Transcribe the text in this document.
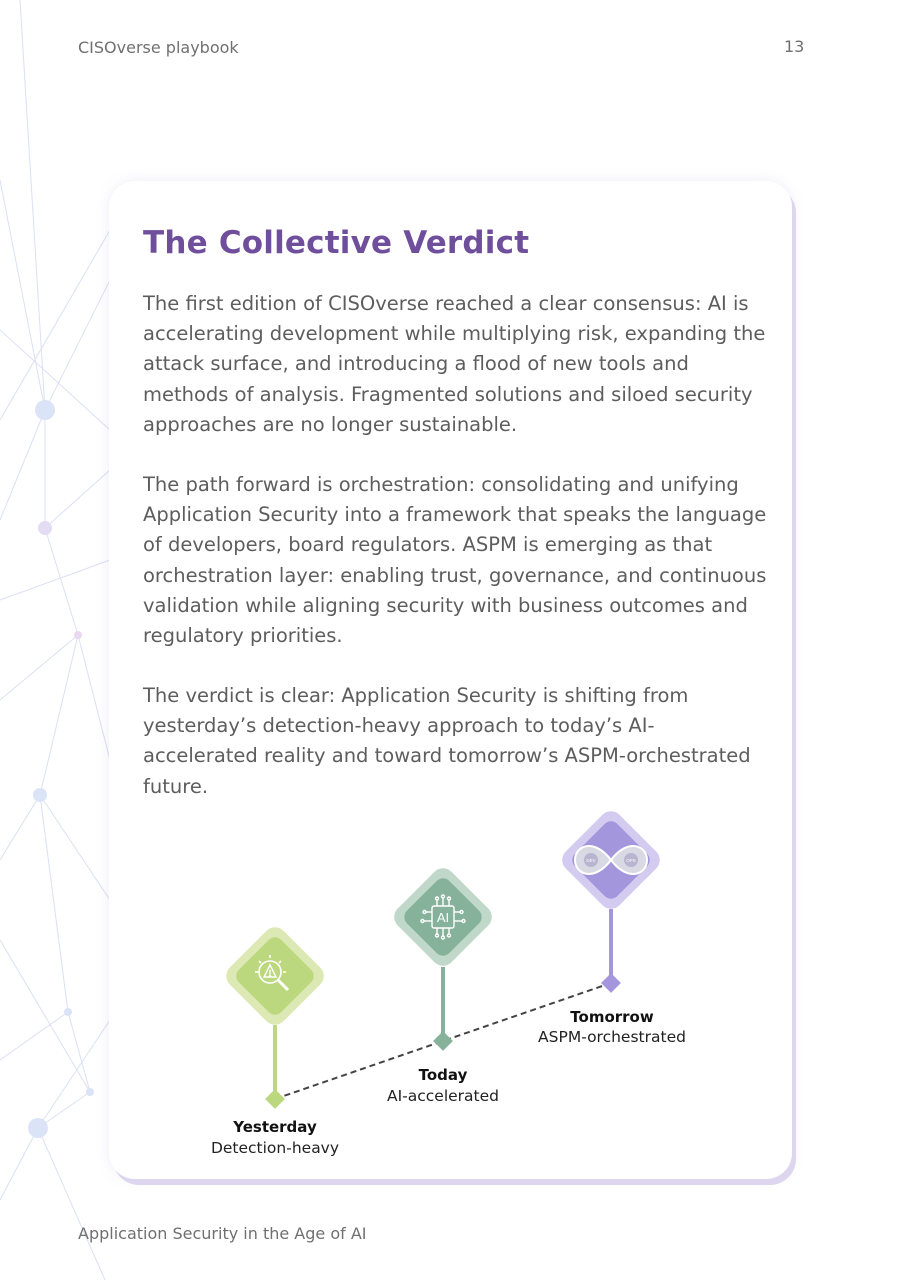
CISOverse playbook	13
The Collective Verdict

The first edition of CISOverse reached a clear consensus: AI is accelerating development while multiplying risk, expanding the attack surface, and introducing a flood of new tools and methods of analysis. Fragmented solutions and siloed security approaches are no longer sustainable.

The path forward is orchestration: consolidating and unifying Application Security into a framework that speaks the language of developers, board regulators. ASPM is emerging as that orchestration layer: enabling trust, governance, and continuous validation while aligning security with business outcomes and regulatory priorities.

The verdict is clear: Application Security is shifting from yesterday’s detection-heavy approach to today’s AI-accelerated reality and toward tomorrow’s ASPM-orchestrated future.

Yesterday
Detection-heavy
AI
Today
AI-accelerated
DEV	OPS
Tomorrow
ASPM-orchestrated
Application Security in the Age of AI
